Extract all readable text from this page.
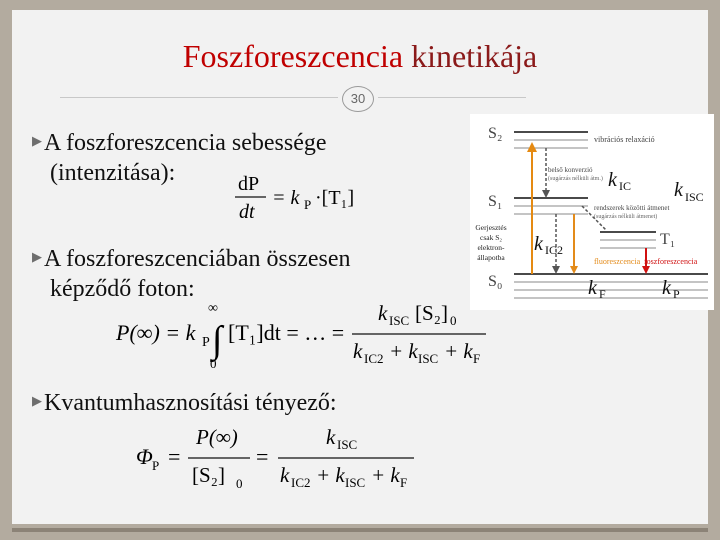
Foszforeszcencia kinetikája
30
▶A foszforeszcencia sebessége
(intenzitása):	dP
dt
= k P ·[T₁]
▶A foszforeszcenciában összesen
képződő foton:
P(∞) = k P
∞
∫
0
[T₁]dt = … =
k ISC [S₂] 0
k IC2 + k ISC + k F
▶Kvantumhasznosítási tényező:
Φ P =
P(∞)
[S₂] 0
=
k ISC
k IC2 + k ISC + k F
S₂	vibrációs relaxáció
belső konverzió
(sugárzás nélküli átm.)
S₁	rendszerek közötti átmenet
(sugárzás nélküli átmenet)
T₁
fluoreszcencia foszforeszcencia
S₀
Gerjesztés
csak S₂
elektron-
állapotba
k IC k ISC
k IC2
k F	k P
